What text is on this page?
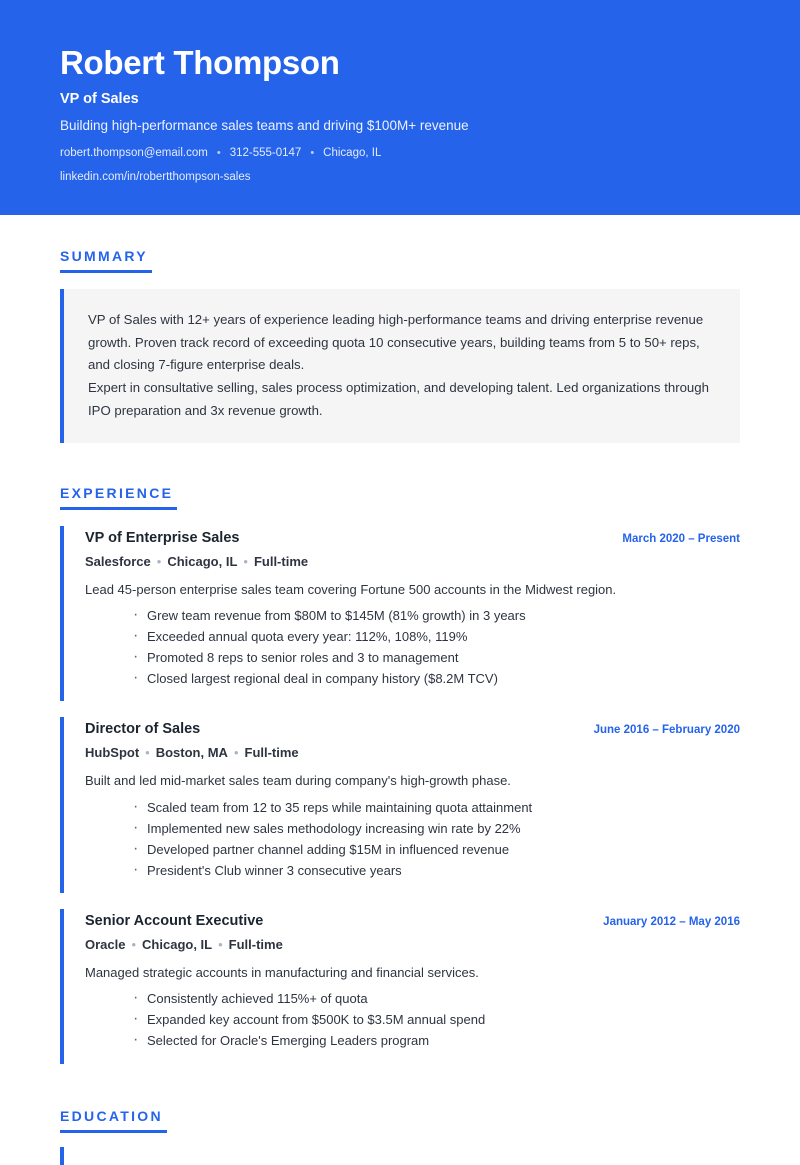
Robert Thompson
VP of Sales
Building high-performance sales teams and driving $100M+ revenue
robert.thompson@email.com • 312-555-0147 • Chicago, IL
linkedin.com/in/robertthompson-sales
SUMMARY
VP of Sales with 12+ years of experience leading high-performance teams and driving enterprise revenue growth. Proven track record of exceeding quota 10 consecutive years, building teams from 5 to 50+ reps, and closing 7-figure enterprise deals.
Expert in consultative selling, sales process optimization, and developing talent. Led organizations through IPO preparation and 3x revenue growth.
EXPERIENCE
VP of Enterprise Sales	March 2020 – Present
Salesforce • Chicago, IL • Full-time
Lead 45-person enterprise sales team covering Fortune 500 accounts in the Midwest region.
· Grew team revenue from $80M to $145M (81% growth) in 3 years
· Exceeded annual quota every year: 112%, 108%, 119%
· Promoted 8 reps to senior roles and 3 to management
· Closed largest regional deal in company history ($8.2M TCV)
Director of Sales	June 2016 – February 2020
HubSpot • Boston, MA • Full-time
Built and led mid-market sales team during company's high-growth phase.
· Scaled team from 12 to 35 reps while maintaining quota attainment
· Implemented new sales methodology increasing win rate by 22%
· Developed partner channel adding $15M in influenced revenue
· President's Club winner 3 consecutive years
Senior Account Executive	January 2012 – May 2016
Oracle • Chicago, IL • Full-time
Managed strategic accounts in manufacturing and financial services.
· Consistently achieved 115%+ of quota
· Expanded key account from $500K to $3.5M annual spend
· Selected for Oracle's Emerging Leaders program
EDUCATION
